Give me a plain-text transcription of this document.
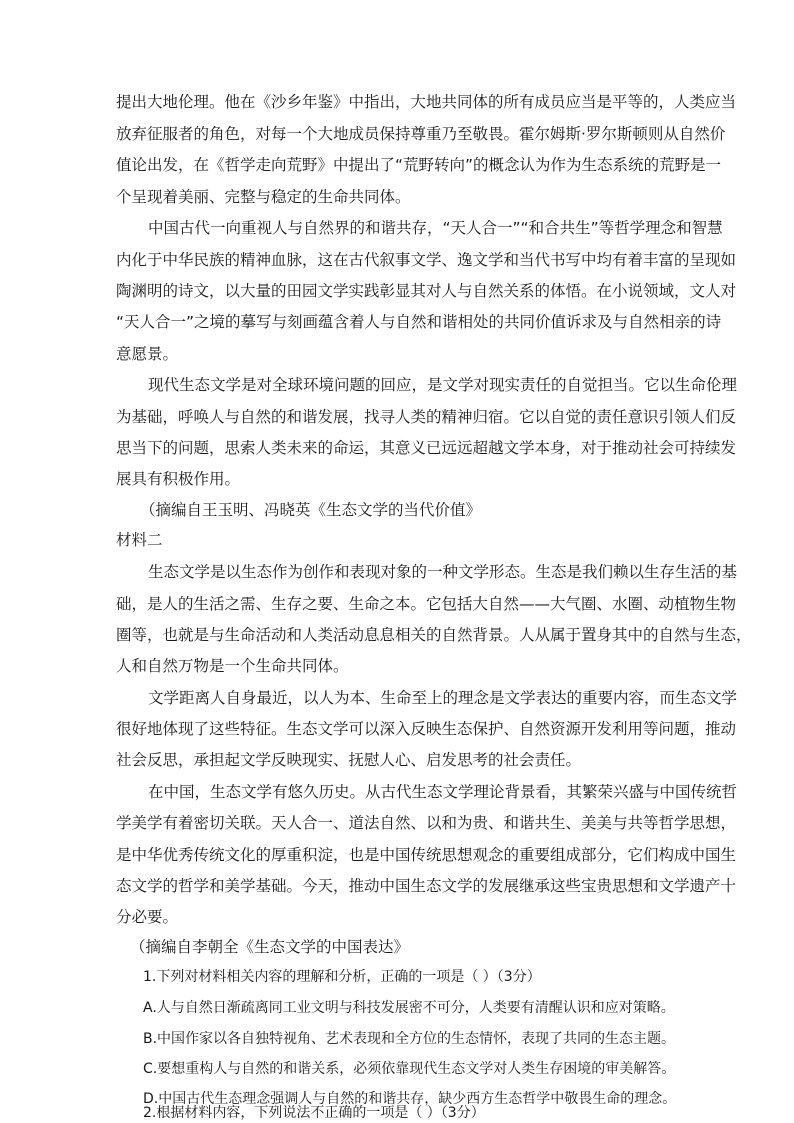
提出大地伦理。他在《沙乡年鉴》中指出，大地共同体的所有成员应当是平等的，人类应当
放弃征服者的角色，对每一个大地成员保持尊重乃至敬畏。霍尔姆斯·罗尔斯顿则从自然价
值论出发，在《哲学走向荒野》中提出了“荒野转向”的概念认为作为生态系统的荒野是一
个呈现着美丽、完整与稳定的生命共同体。
中国古代一向重视人与自然界的和谐共存，“天人合一”“和合共生”等哲学理念和智慧
内化于中华民族的精神血脉，这在古代叙事文学、逸文学和当代书写中均有着丰富的呈现如
陶渊明的诗文，以大量的田园文学实践彰显其对人与自然关系的体悟。在小说领域，文人对
“天人合一”之境的摹写与刻画蕴含着人与自然和谐相处的共同价值诉求及与自然相亲的诗
意愿景。
现代生态文学是对全球环境问题的回应，是文学对现实责任的自觉担当。它以生命伦理
为基础，呼唤人与自然的和谐发展，找寻人类的精神归宿。它以自觉的责任意识引领人们反
思当下的问题，思索人类未来的命运，其意义已远远超越文学本身，对于推动社会可持续发
展具有积极作用。
（摘编自王玉明、冯晓英《生态文学的当代价值》
材料二
生态文学是以生态作为创作和表现对象的一种文学形态。生态是我们赖以生存生活的基
础，是人的生活之需、生存之要、生命之本。它包括大自然——大气圈、水圈、动植物生物
圈等，也就是与生命活动和人类活动息息相关的自然背景。人从属于置身其中的自然与生态，
人和自然万物是一个生命共同体。
文学距离人自身最近，以人为本、生命至上的理念是文学表达的重要内容，而生态文学
很好地体现了这些特征。生态文学可以深入反映生态保护、自然资源开发利用等问题，推动
社会反思，承担起文学反映现实、抚慰人心、启发思考的社会责任。
在中国，生态文学有悠久历史。从古代生态文学理论背景看，其繁荣兴盛与中国传统哲
学美学有着密切关联。天人合一、道法自然、以和为贵、和谐共生、美美与共等哲学思想，
是中华优秀传统文化的厚重积淀，也是中国传统思想观念的重要组成部分，它们构成中国生
态文学的哲学和美学基础。今天，推动中国生态文学的发展继承这些宝贵思想和文学遗产十
分必要。
（摘编自李朝全《生态文学的中国表达》
1.下列对材料相关内容的理解和分析，正确的一项是（ ）（3分）
A.人与自然日渐疏离同工业文明与科技发展密不可分，人类要有清醒认识和应对策略。
B.中国作家以各自独特视角、艺术表现和全方位的生态情怀，表现了共同的生态主题。
C.要想重构人与自然的和谐关系，必须依靠现代生态文学对人类生存困境的审美解答。
D.中国古代生态理念强调人与自然的和谐共存，缺少西方生态哲学中敬畏生命的理念。
2.根据材料内容，下列说法不正确的一项是（ ）（3分）
